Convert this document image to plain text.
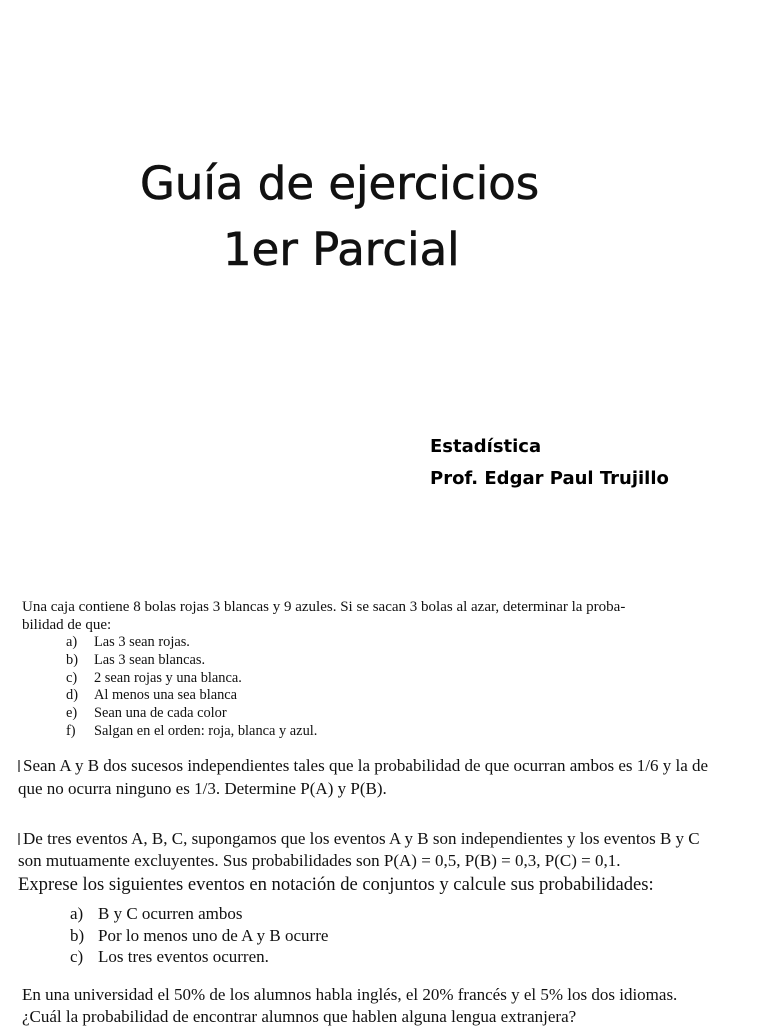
Guía de ejercicios
1er Parcial
Estadística
Prof. Edgar Paul Trujillo
Una caja contiene 8 bolas rojas 3 blancas y 9 azules. Si se sacan 3 bolas al azar, determinar la proba-
bilidad de que:
a) Las 3 sean rojas.
b) Las 3 sean blancas.
c) 2 sean rojas y una blanca.
d) Al menos una sea blanca
e) Sean una de cada color
f) Salgan en el orden: roja, blanca y azul.
Sean A y B dos sucesos independientes tales que la probabilidad de que ocurran ambos es 1/6 y la de
que no ocurra ninguno es 1/3. Determine P(A) y P(B).
De tres eventos A, B, C, supongamos que los eventos A y B son independientes y los eventos B y C
son mutuamente excluyentes. Sus probabilidades son P(A) = 0,5, P(B) = 0,3, P(C) = 0,1.
Exprese los siguientes eventos en notación de conjuntos y calcule sus probabilidades:
a) B y C ocurren ambos
b) Por lo menos uno de A y B ocurre
c) Los tres eventos ocurren.
En una universidad el 50% de los alumnos habla inglés, el 20% francés y el 5% los dos idiomas.
¿Cuál la probabilidad de encontrar alumnos que hablen alguna lengua extranjera?
